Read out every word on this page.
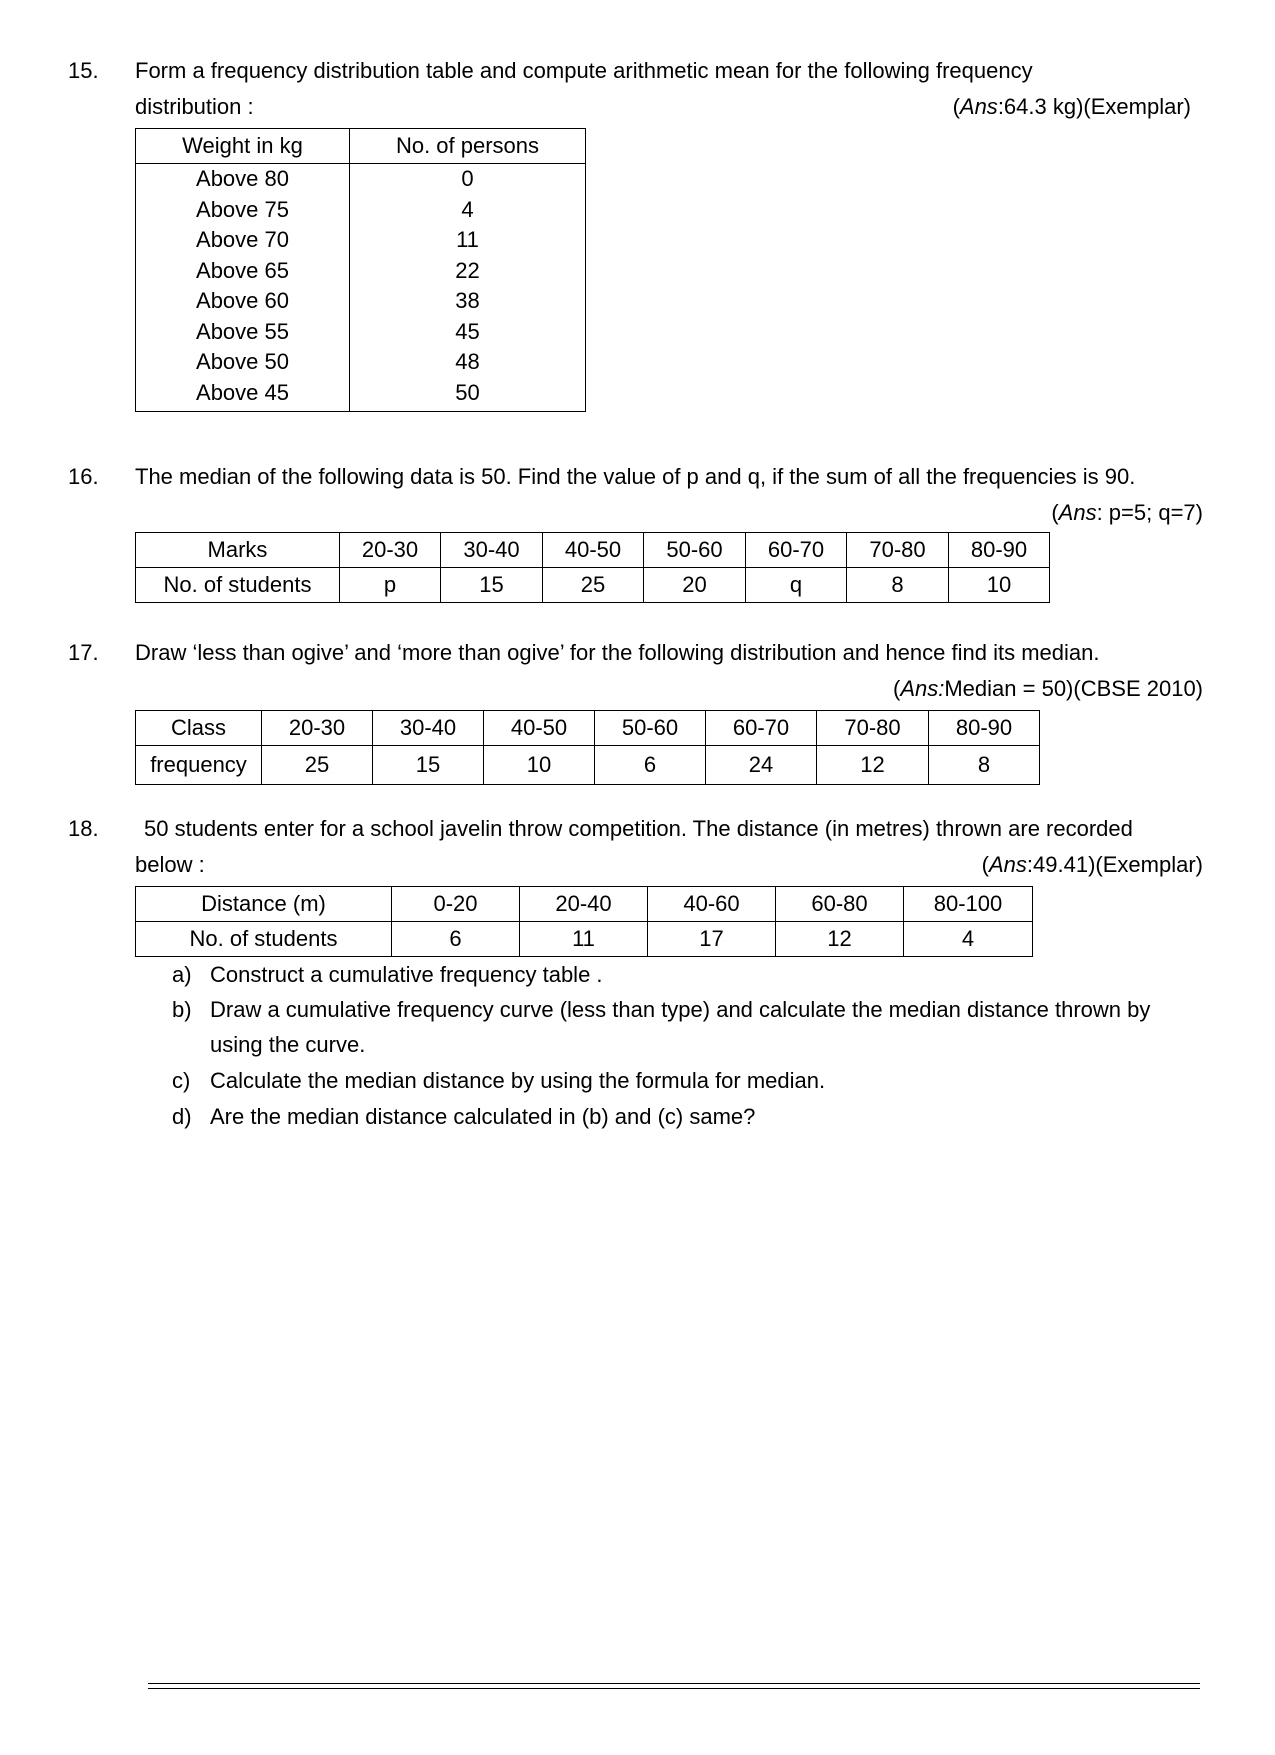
15. Form a frequency distribution table and compute arithmetic mean for the following frequency
distribution :	(Ans:64.3 kg)(Exemplar)
Weight in kg	No. of persons
Above 80	0
Above 75	4
Above 70	11
Above 65	22
Above 60	38
Above 55	45
Above 50	48
Above 45	50
16. The median of the following data is 50. Find the value of p and q, if the sum of all the frequencies is 90.
(Ans: p=5; q=7)
Marks	20-30	30-40	40-50	50-60	60-70	70-80	80-90
No. of students	p	15	25	20	q	8	10
17. Draw ‘less than ogive’ and ‘more than ogive’ for the following distribution and hence find its median.
(Ans:Median = 50)(CBSE 2010)
Class	20-30	30-40	40-50	50-60	60-70	70-80	80-90
frequency	25	15	10	6	24	12	8
18. 50 students enter for a school javelin throw competition. The distance (in metres) thrown are recorded
below :	(Ans:49.41)(Exemplar)
Distance (m)	0-20	20-40	40-60	60-80	80-100
No. of students	6	11	17	12	4
a) Construct a cumulative frequency table .
b) Draw a cumulative frequency curve (less than type) and calculate the median distance thrown by
using the curve.
c) Calculate the median distance by using the formula for median.
d) Are the median distance calculated in (b) and (c) same?
